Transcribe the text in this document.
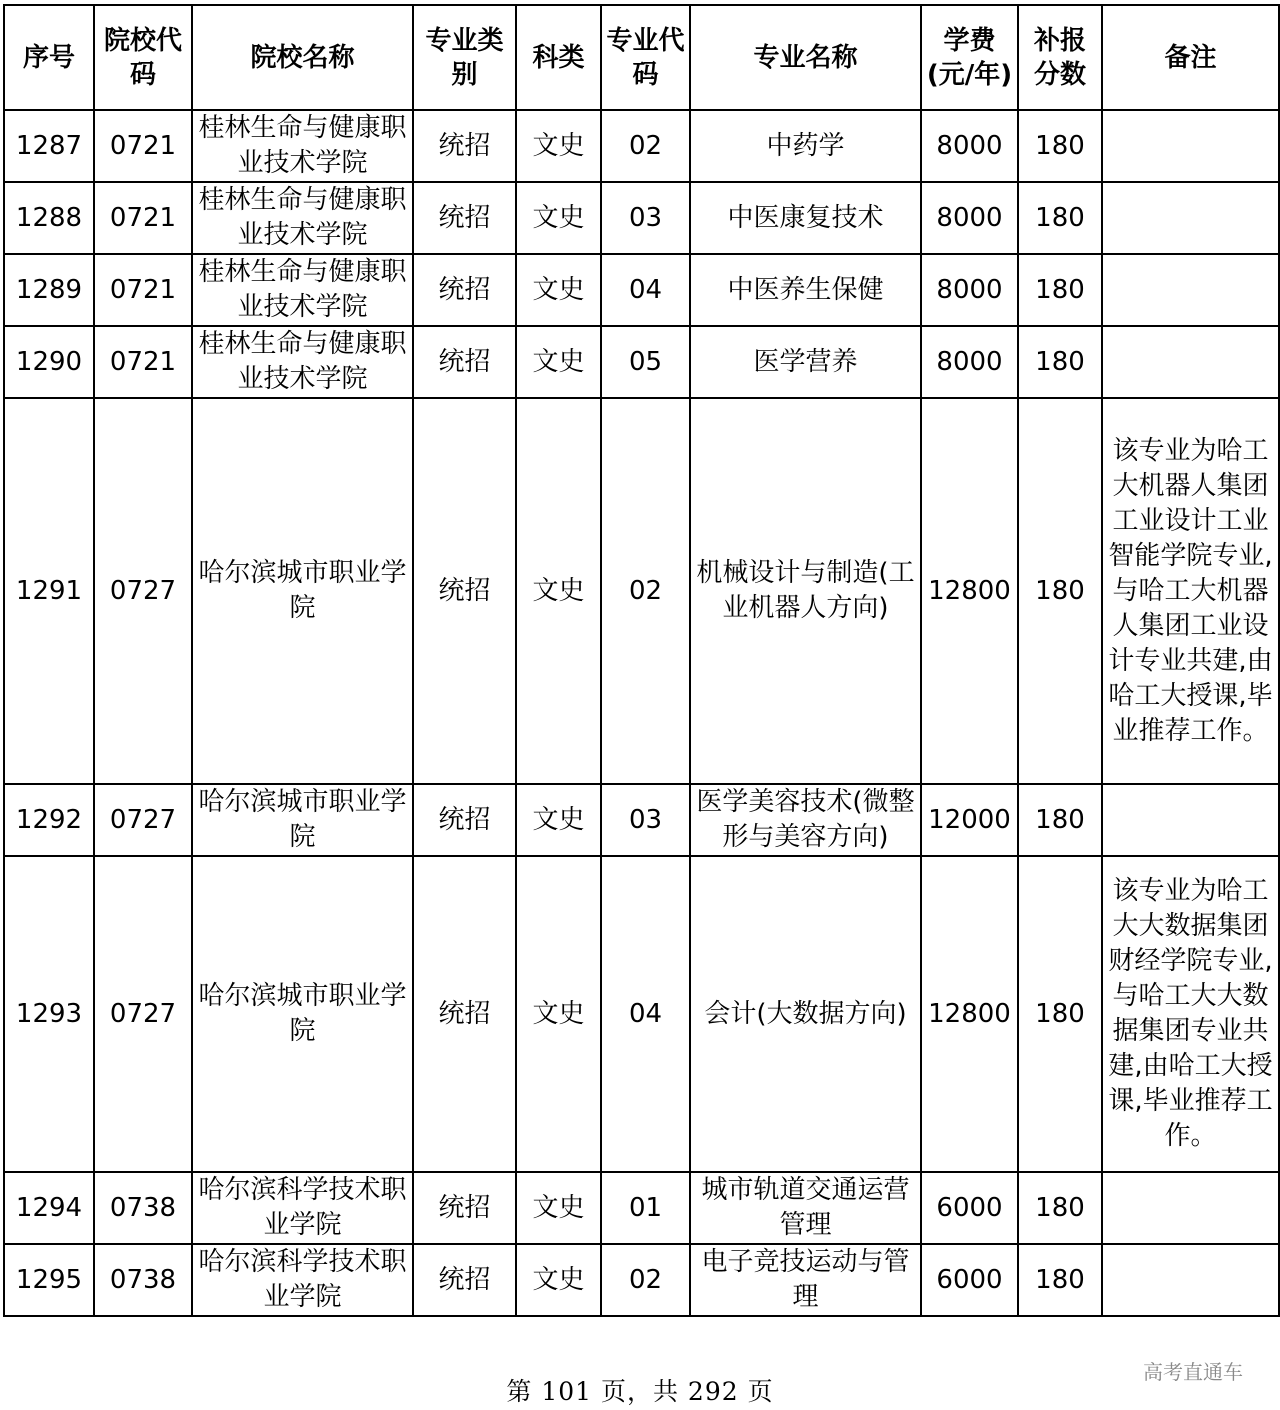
序号	院校代码	院校名称	专业类别	科类	专业代码	专业名称	学费(元/年)	补报分数	备注
1287	0721	桂林生命与健康职业技术学院	统招	文史	02	中药学	8000	180	
1288	0721	桂林生命与健康职业技术学院	统招	文史	03	中医康复技术	8000	180	
1289	0721	桂林生命与健康职业技术学院	统招	文史	04	中医养生保健	8000	180	
1290	0721	桂林生命与健康职业技术学院	统招	文史	05	医学营养	8000	180	
1291	0727	哈尔滨城市职业学院	统招	文史	02	机械设计与制造(工业机器人方向)	12800	180	该专业为哈工大机器人集团工业设计工业智能学院专业,与哈工大机器人集团工业设计专业共建,由哈工大授课,毕业推荐工作。
1292	0727	哈尔滨城市职业学院	统招	文史	03	医学美容技术(微整形与美容方向)	12000	180	
1293	0727	哈尔滨城市职业学院	统招	文史	04	会计(大数据方向)	12800	180	该专业为哈工大大数据集团财经学院专业,与哈工大大数据集团专业共建,由哈工大授课,毕业推荐工作。
1294	0738	哈尔滨科学技术职业学院	统招	文史	01	城市轨道交通运营管理	6000	180	
1295	0738	哈尔滨科学技术职业学院	统招	文史	02	电子竞技运动与管理	6000	180	
高考直通车
第 101 页，共 292 页
